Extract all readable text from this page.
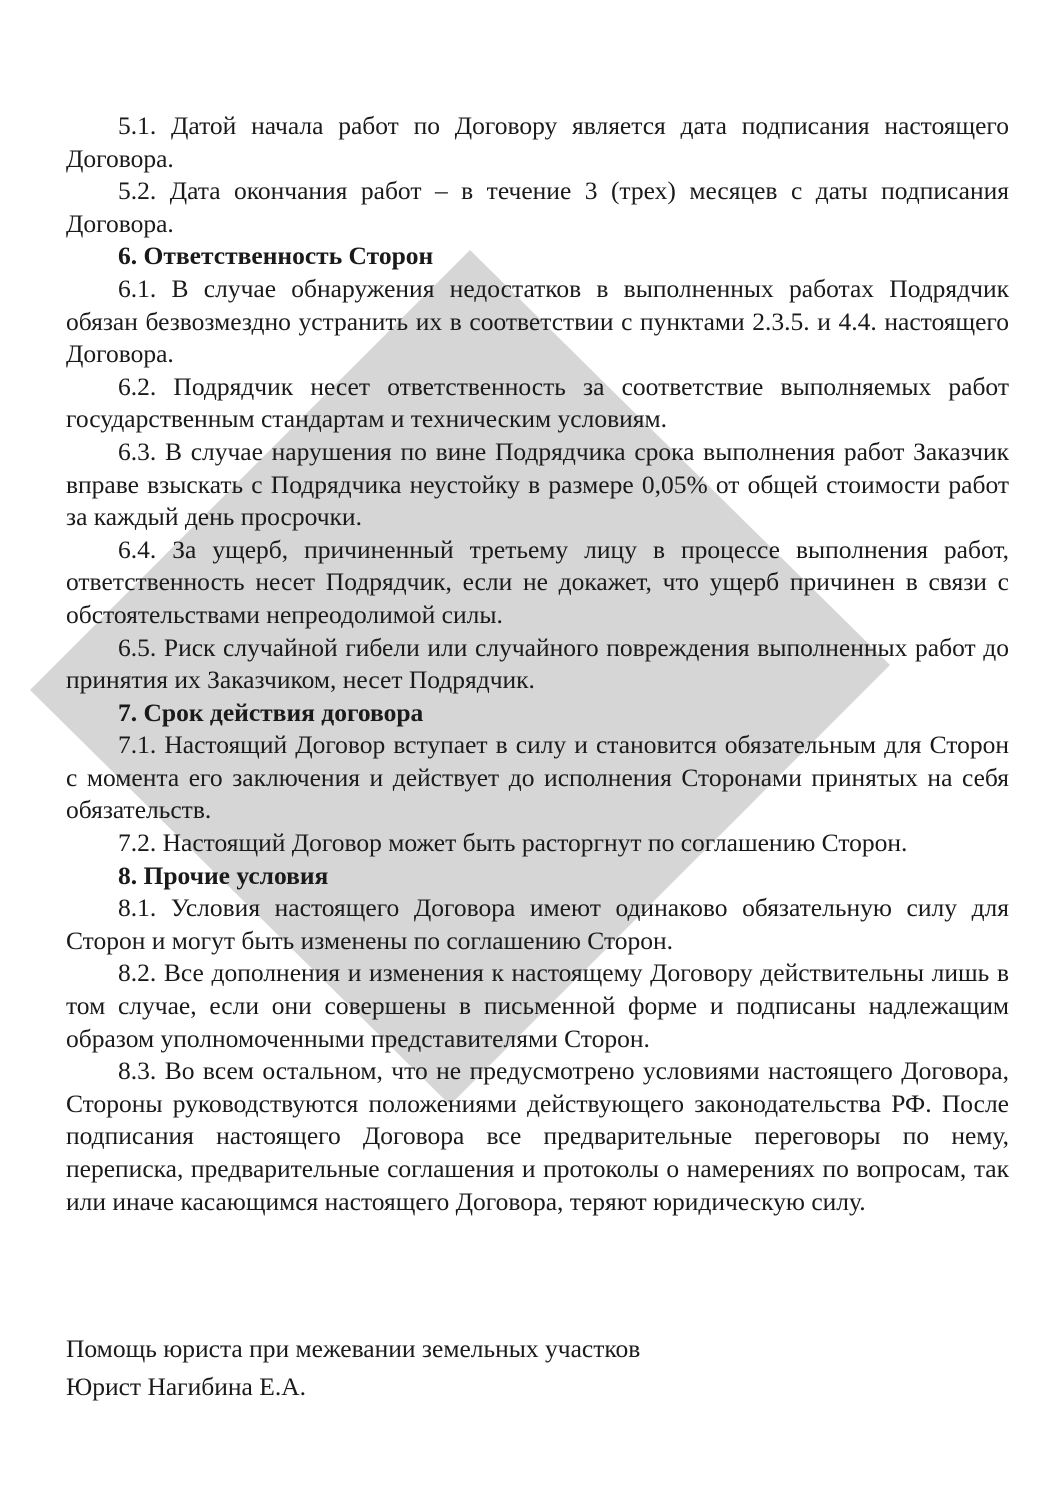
5.1. Датой начала работ по Договору является дата подписания настоящего Договора.

5.2. Дата окончания работ – в течение 3 (трех) месяцев с даты подписания Договора.

6. Ответственность Сторон

6.1. В случае обнаружения недостатков в выполненных работах Подрядчик обязан безвозмездно устранить их в соответствии с пунктами 2.3.5. и 4.4. настоящего Договора.

6.2. Подрядчик несет ответственность за соответствие выполняемых работ государственным стандартам и техническим условиям.

6.3. В случае нарушения по вине Подрядчика срока выполнения работ Заказчик вправе взыскать с Подрядчика неустойку в размере 0,05% от общей стоимости работ за каждый день просрочки.

6.4. За ущерб, причиненный третьему лицу в процессе выполнения работ, ответственность несет Подрядчик, если не докажет, что ущерб причинен в связи с обстоятельствами непреодолимой силы.

6.5. Риск случайной гибели или случайного повреждения выполненных работ до принятия их Заказчиком, несет Подрядчик.

7. Срок действия договора

7.1. Настоящий Договор вступает в силу и становится обязательным для Сторон с момента его заключения и действует до исполнения Сторонами принятых на себя обязательств.

7.2. Настоящий Договор может быть расторгнут по соглашению Сторон.

8. Прочие условия

8.1. Условия настоящего Договора имеют одинаково обязательную силу для Сторон и могут быть изменены по соглашению Сторон.

8.2. Все дополнения и изменения к настоящему Договору действительны лишь в том случае, если они совершены в письменной форме и подписаны надлежащим образом уполномоченными представителями Сторон.

8.3. Во всем остальном, что не предусмотрено условиями настоящего Договора, Стороны руководствуются положениями действующего законодательства РФ. После подписания настоящего Договора все предварительные переговоры по нему, переписка, предварительные соглашения и протоколы о намерениях по вопросам, так или иначе касающимся настоящего Договора, теряют юридическую силу.

Помощь юриста при межевании земельных участков

Юрист Нагибина Е.А.
